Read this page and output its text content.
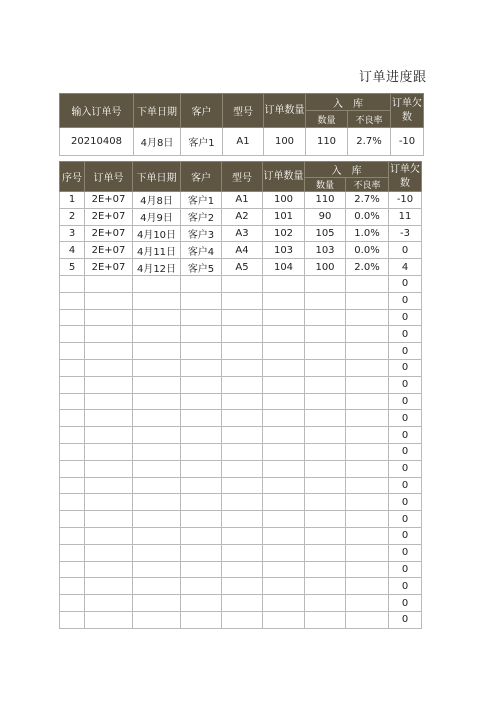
订单进度跟
输入订单号	下单日期	客户	型号	订单数量	入　库		订单欠数
					数量	不良率	
20210408	4月8日	客户1	A1	100	110	2.7%	-10
序号	订单号	下单日期	客户	型号	订单数量	入　库		订单欠数
						数量	不良率	
1	2E+07	4月8日	客户1	A1	100	110	2.7%	-10
2	2E+07	4月9日	客户2	A2	101	90	0.0%	11
3	2E+07	4月10日	客户3	A3	102	105	1.0%	-3
4	2E+07	4月11日	客户4	A4	103	103	0.0%	0
5	2E+07	4月12日	客户5	A5	104	100	2.0%	4
								0
								0
								0
								0
								0
								0
								0
								0
								0
								0
								0
								0
								0
								0
								0
								0
								0
								0
								0
								0
								0
